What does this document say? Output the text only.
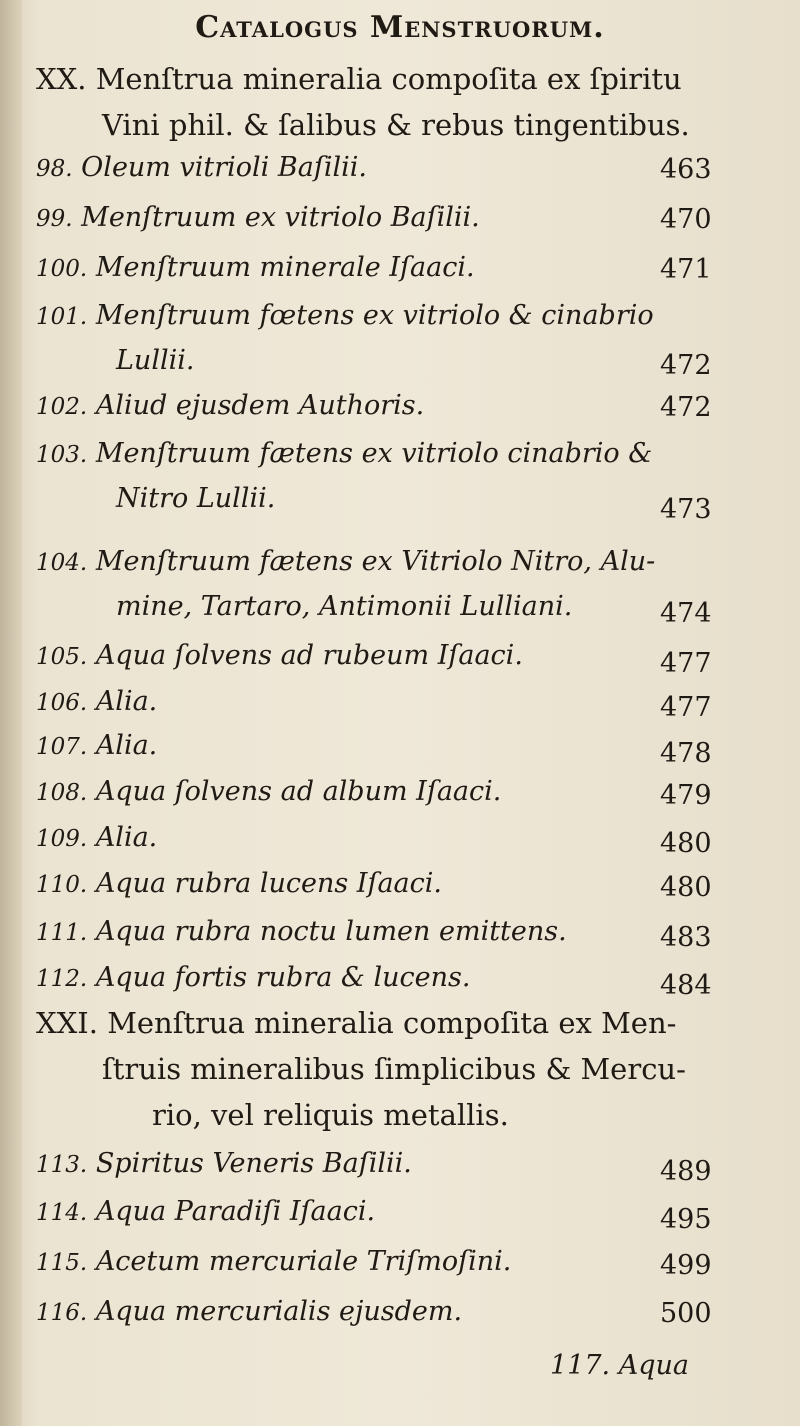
Catalogus Menstruorum.
XX. Menſtrua mineralia compoſita ex ſpiritu
Vini phil. & ſalibus & rebus tingentibus.
98. Oleum vitrioli Baſilii.	463
99. Menſtruum ex vitriolo Baſilii.	470
100. Menſtruum minerale Iſaaci.	471
101. Menſtruum fœtens ex vitriolo & cinabrio
Lullii.	472
102. Aliud ejusdem Authoris.	472
103. Menſtruum fætens ex vitriolo cinabrio &
Nitro Lullii.	473
104. Menſtruum fætens ex Vitriolo Nitro, Alu-
mine, Tartaro, Antimonii Lulliani.	474
105. Aqua ſolvens ad rubeum Iſaaci.	477
106. Alia.	477
107. Alia.	478
108. Aqua ſolvens ad album Iſaaci.	479
109. Alia.	480
110. Aqua rubra lucens Iſaaci.	480
111. Aqua rubra noctu lumen emittens.	483
112. Aqua fortis rubra & lucens.	484
XXI. Menſtrua mineralia compoſita ex Men-
ſtruis mineralibus ſimplicibus & Mercu-
rio, vel reliquis metallis.
113. Spiritus Veneris Baſilii.	489
114. Aqua Paradiſi Iſaaci.	495
115. Acetum mercuriale Triſmoſini.	499
116. Aqua mercurialis ejusdem.	500
117. Aqua
